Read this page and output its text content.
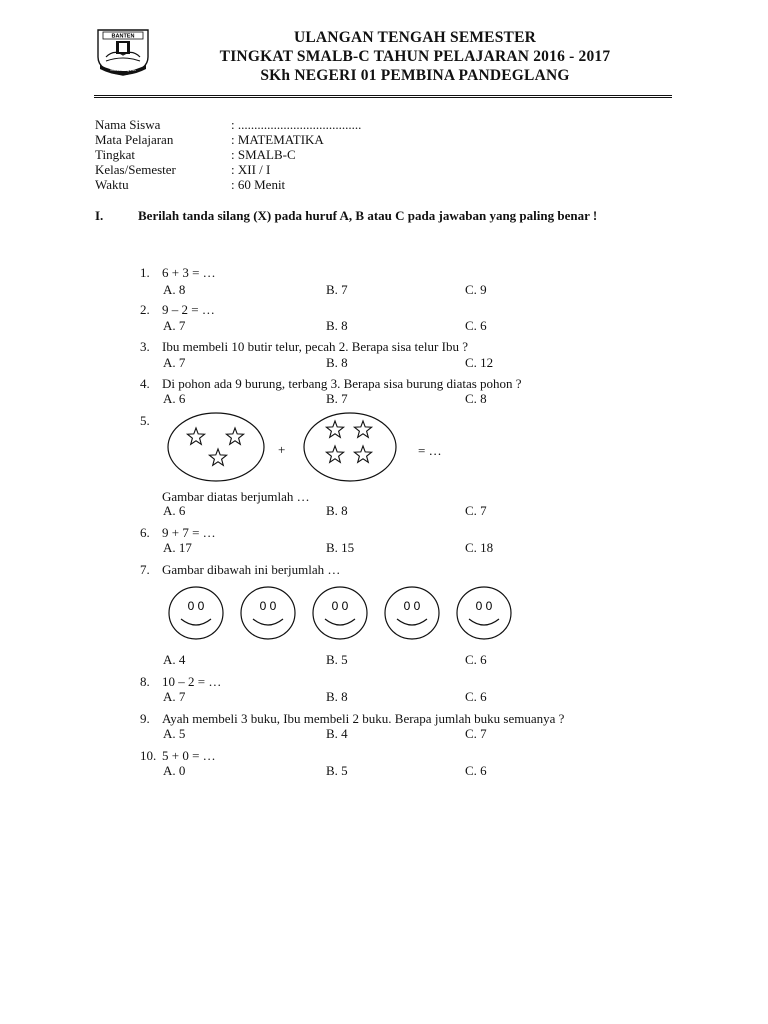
BANTEN
IMAN TAQWA
ULANGAN TENGAH SEMESTER
TINGKAT SMALB-C TAHUN PELAJARAN 2016 - 2017
SKh NEGERI 01 PEMBINA PANDEGLANG
Nama Siswa	: ......................................
Mata Pelajaran	: MATEMATIKA
Tingkat	: SMALB-C
Kelas/Semester	: XII / I
Waktu	: 60 Menit
I.	Berilah tanda silang (X) pada huruf A, B atau C pada jawaban yang paling benar !
1. 6 + 3 = …
A. 8	B. 7	C. 9
2. 9 – 2 = …
A. 7	B. 8	C. 6
3. Ibu membeli 10 butir telur, pecah 2. Berapa sisa telur Ibu ?
A. 7	B. 8	C. 12
4. Di pohon ada 9 burung, terbang 3. Berapa sisa burung diatas pohon ?
A. 6	B. 7	C. 8
5.
+	= …
Gambar diatas berjumlah …
A. 6	B. 8	C. 7
6. 9 + 7 = …
A. 17	B. 15	C. 18
7. Gambar dibawah ini berjumlah …
0 0	0 0	0 0	0 0	0 0
A. 4	B. 5	C. 6
8. 10 – 2 = …
A. 7	B. 8	C. 6
9. Ayah membeli 3 buku, Ibu membeli 2 buku. Berapa jumlah buku semuanya ?
A. 5	B. 4	C. 7
10. 5 + 0 = …
A. 0	B. 5	C. 6
